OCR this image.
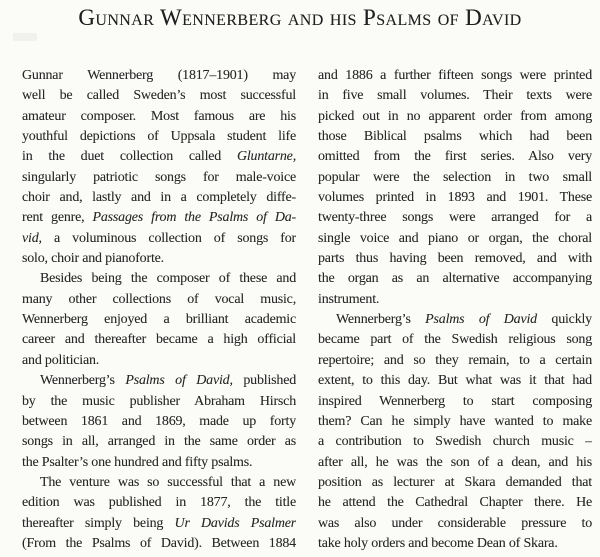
Gunnar Wennerberg and his Psalms of David
Gunnar Wennerberg (1817–1901) may
well be called Sweden’s most successful
amateur composer. Most famous are his
youthful depictions of Uppsala student life
in the duet collection called Gluntarne,
singularly patriotic songs for male-voice
choir and, lastly and in a completely diffe-
rent genre, Passages from the Psalms of Da-
vid, a voluminous collection of songs for
solo, choir and pianoforte.
Besides being the composer of these and
many other collections of vocal music,
Wennerberg enjoyed a brilliant academic
career and thereafter became a high official
and politician.
Wennerberg’s Psalms of David, published
by the music publisher Abraham Hirsch
between 1861 and 1869, made up forty
songs in all, arranged in the same order as
the Psalter’s one hundred and fifty psalms.
The venture was so successful that a new
edition was published in 1877, the title
thereafter simply being Ur Davids Psalmer
(From the Psalms of David). Between 1884
and 1886 a further fifteen songs were printed
in five small volumes. Their texts were
picked out in no apparent order from among
those Biblical psalms which had been
omitted from the first series. Also very
popular were the selection in two small
volumes printed in 1893 and 1901. These
twenty-three songs were arranged for a
single voice and piano or organ, the choral
parts thus having been removed, and with
the organ as an alternative accompanying
instrument.
Wennerberg’s Psalms of David quickly
became part of the Swedish religious song
repertoire; and so they remain, to a certain
extent, to this day. But what was it that had
inspired Wennerberg to start composing
them? Can he simply have wanted to make
a contribution to Swedish church music –
after all, he was the son of a dean, and his
position as lecturer at Skara demanded that
he attend the Cathedral Chapter there. He
was also under considerable pressure to
take holy orders and become Dean of Skara.
